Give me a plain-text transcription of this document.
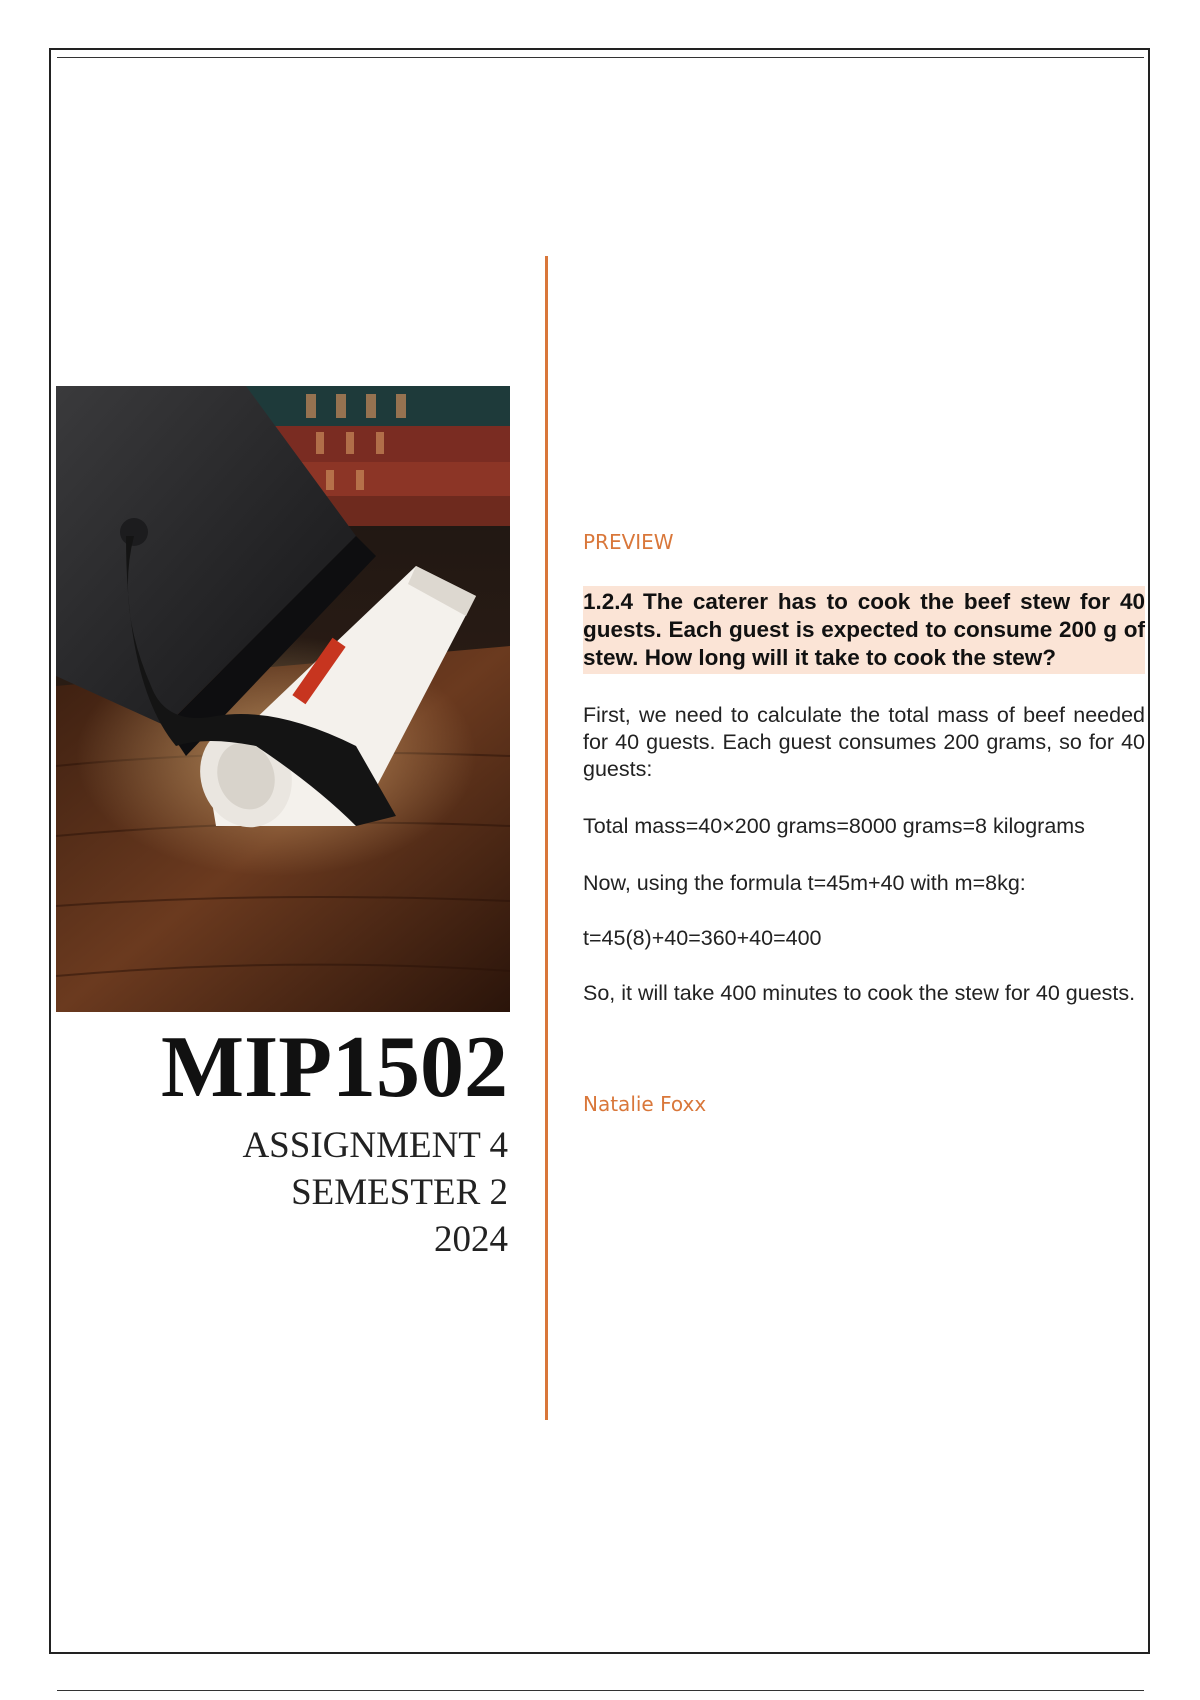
MIP1502

ASSIGNMENT 4

SEMESTER 2

2024

PREVIEW

1.2.4 The caterer has to cook the beef stew for 40 guests. Each guest is expected to consume 200 g of stew. How long will it take to cook the stew?

First, we need to calculate the total mass of beef needed for 40 guests. Each guest consumes 200 grams, so for 40 guests:

Total mass=40×200 grams=8000 grams=8 kilograms

Now, using the formula t=45m+40 with m=8kg:

t=45(8)+40=360+40=400

So, it will take 400 minutes to cook the stew for 40 guests.

Natalie Foxx
